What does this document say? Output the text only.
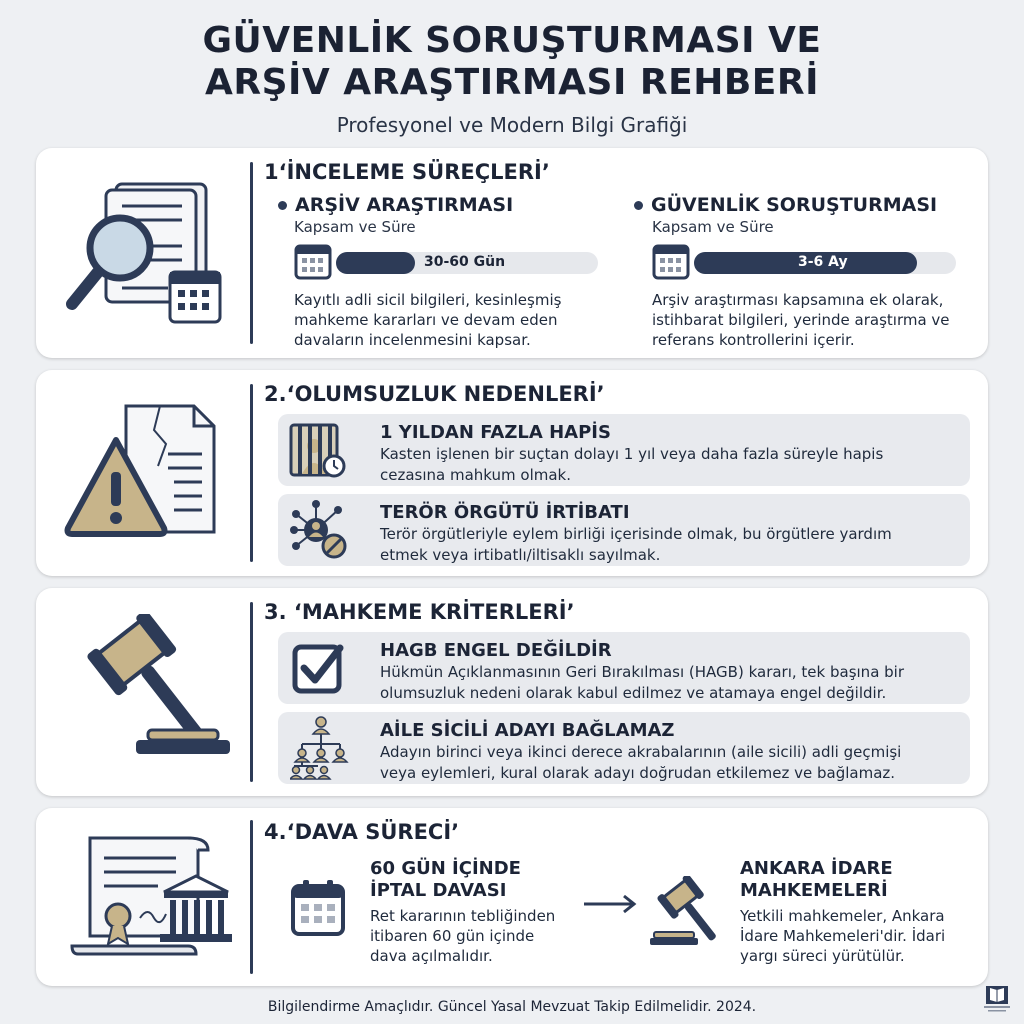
GÜVENLİK SORUŞTURMASI VE
ARŞİV ARAŞTIRMASI REHBERİ
Profesyonel ve Modern Bilgi Grafiği
1‘İNCELEME SÜREÇLERİ’
ARŞİV ARAŞTIRMASI
Kapsam ve Süre
30-60 Gün
Kayıtlı adli sicil bilgileri, kesinleşmiş
mahkeme kararları ve devam eden
davaların incelenmesini kapsar.
GÜVENLİK SORUŞTURMASI
Kapsam ve Süre
3-6 Ay
Arşiv araştırması kapsamına ek olarak,
istihbarat bilgileri, yerinde araştırma ve
referans kontrollerini içerir.
2.‘OLUMSUZLUK NEDENLERİ’
1 YILDAN FAZLA HAPİS
Kasten işlenen bir suçtan dolayı 1 yıl veya daha fazla süreyle hapis
cezasına mahkum olmak.
TERÖR ÖRGÜTÜ İRTİBATI
Terör örgütleriyle eylem birliği içerisinde olmak, bu örgütlere yardım
etmek veya irtibatlı/iltisaklı sayılmak.
3. ‘MAHKEME KRİTERLERİ’
HAGB ENGEL DEĞİLDİR
Hükmün Açıklanmasının Geri Bırakılması (HAGB) kararı, tek başına bir
olumsuzluk nedeni olarak kabul edilmez ve atamaya engel değildir.
AİLE SİCİLİ ADAYI BAĞLAMAZ
Adayın birinci veya ikinci derece akrabalarının (aile sicili) adli geçmişi
veya eylemleri, kural olarak adayı doğrudan etkilemez ve bağlamaz.
4.‘DAVA SÜRECİ’
60 GÜN İÇİNDE
İPTAL DAVASI
Ret kararının tebliğinden
itibaren 60 gün içinde
dava açılmalıdır.
ANKARA İDARE
MAHKEMELERİ
Yetkili mahkemeler, Ankara
İdare Mahkemeleri'dir. İdari
yargı süreci yürütülür.
Bilgilendirme Amaçlıdır. Güncel Yasal Mevzuat Takip Edilmelidir. 2024.
